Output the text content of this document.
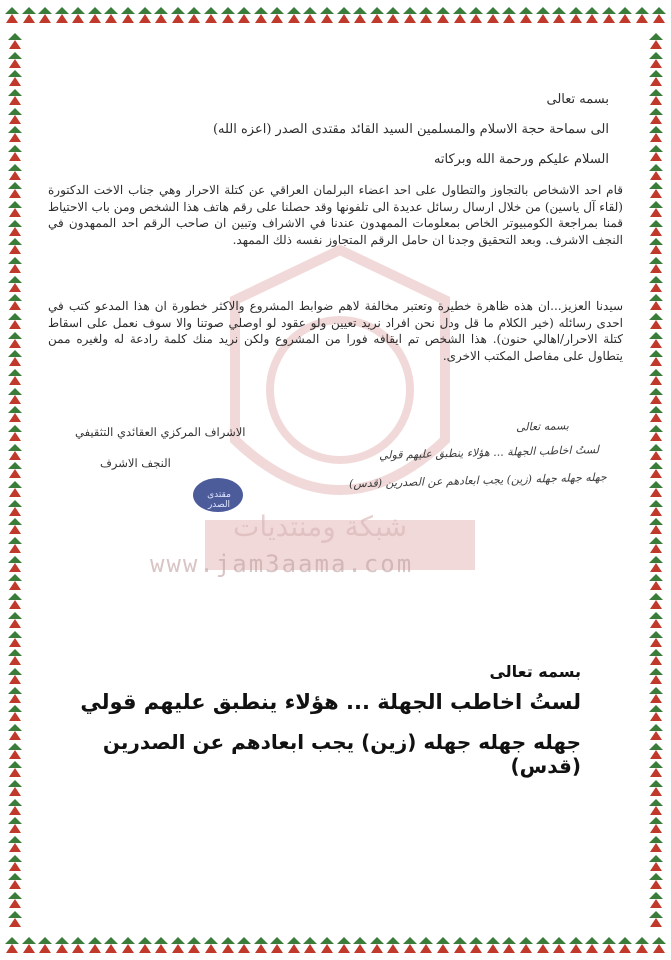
شبكة ومنتديات
www.jam3aama.com
بسمه تعالى
الى سماحة حجة الاسلام والمسلمين السيد القائد مقتدى الصدر (اعزه الله)
السلام عليكم ورحمة الله وبركاته
قام احد الاشخاص بالتجاوز والتطاول على احد اعضاء البرلمان العراقي عن كتلة الاحرار وهي جناب الاخت الدكتورة (لقاء آل ياسين) من خلال ارسال رسائل عديدة الى تلفونها وقد حصلنا على رقم هاتف هذا الشخص ومن باب الاحتياط قمنا بمراجعة الكومبيوتر الخاص بمعلومات الممهدون عندنا في الاشراف وتبين ان صاحب الرقم احد الممهدون في النجف الاشرف. وبعد التحقيق وجدنا ان حامل الرقم المتجاوز نفسه ذلك الممهد.
سيدنا العزيز...ان هذه ظاهرة خطيرة وتعتبر مخالفة لاهم ضوابط المشروع والاكثر خطورة ان هذا المدعو كتب في احدى رسائله (خير الكلام ما قل ودل نحن افراد نريد تعيين ولو عقود لو اوصلي صوتنا والا سوف نعمل على اسقاط كتلة الاحرار/اهالي حنون). هذا الشخص تم ايقافه فورا من المشروع ولكن نريد منك كلمة رادعة له ولغيره ممن يتطاول على مفاصل المكتب الاخرى.
الاشراف المركزي العقائدي التثقيفي
النجف الاشرف
بسمه تعالى
لستُ اخاطب الجهلة ... هؤلاء ينطبق عليهم قولي
جهله جهله جهله (زين) يجب ابعادهم عن الصدرين (قدس)
مقتدى الصدر
بسمه تعالى
لستُ اخاطب الجهلة ... هؤلاء ينطبق عليهم قولي
جهله جهله جهله (زين) يجب ابعادهم عن الصدرين (قدس)
